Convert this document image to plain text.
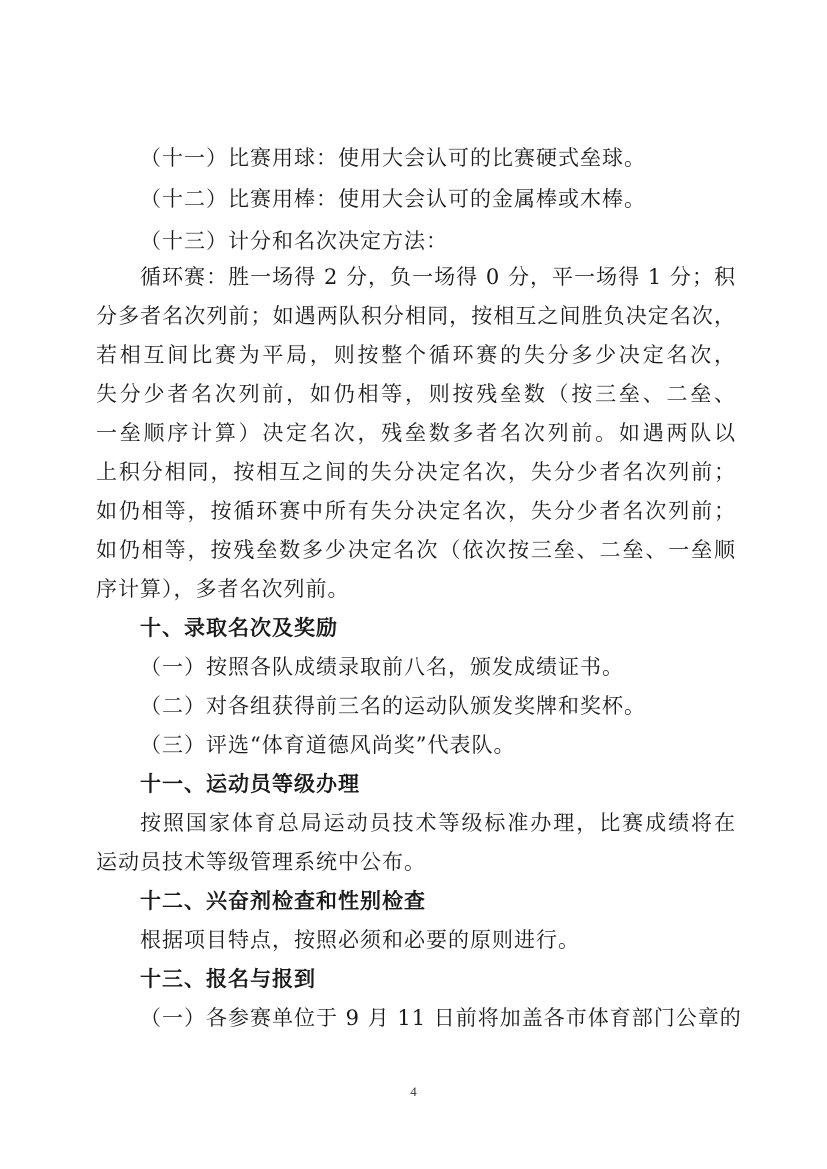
（十一）比赛用球：使用大会认可的比赛硬式垒球。
（十二）比赛用棒：使用大会认可的金属棒或木棒。
（十三）计分和名次决定方法：
循环赛：胜一场得 2 分，负一场得 0 分，平一场得 1 分；积
分多者名次列前；如遇两队积分相同，按相互之间胜负决定名次，
若相互间比赛为平局，则按整个循环赛的失分多少决定名次，
失分少者名次列前，如仍相等，则按残垒数（按三垒、二垒、
一垒顺序计算）决定名次，残垒数多者名次列前。如遇两队以
上积分相同，按相互之间的失分决定名次，失分少者名次列前；
如仍相等，按循环赛中所有失分决定名次，失分少者名次列前；
如仍相等，按残垒数多少决定名次（依次按三垒、二垒、一垒顺
序计算），多者名次列前。
十、录取名次及奖励
（一）按照各队成绩录取前八名，颁发成绩证书。
（二）对各组获得前三名的运动队颁发奖牌和奖杯。
（三）评选“体育道德风尚奖”代表队。
十一、运动员等级办理
按照国家体育总局运动员技术等级标准办理，比赛成绩将在
运动员技术等级管理系统中公布。
十二、兴奋剂检查和性别检查
根据项目特点，按照必须和必要的原则进行。
十三、报名与报到
（一）各参赛单位于 9 月 11 日前将加盖各市体育部门公章的
4
